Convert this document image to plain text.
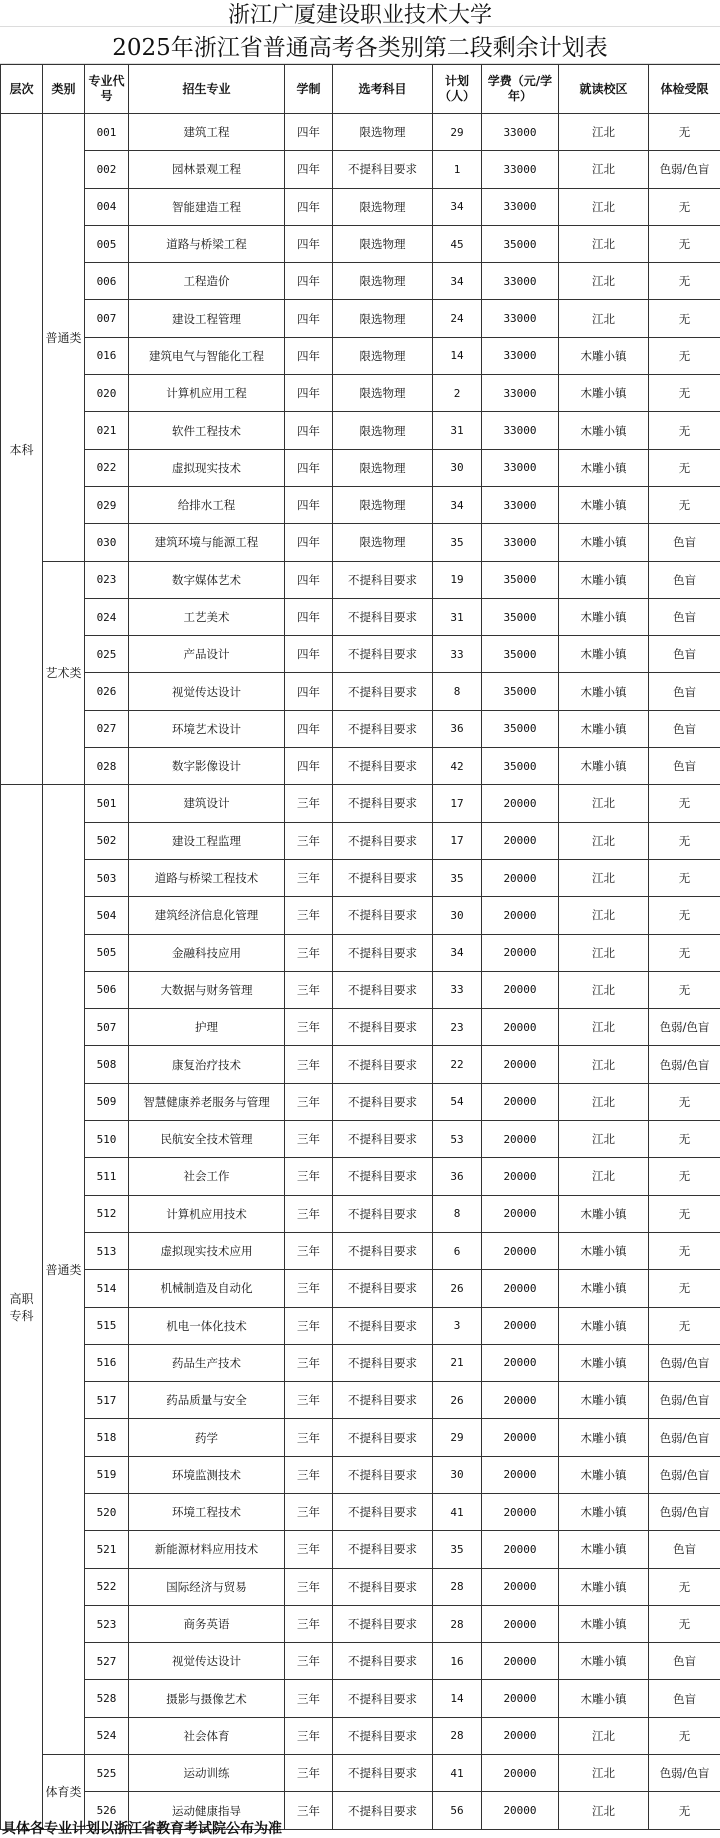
浙江广厦建设职业技术大学
2025年浙江省普通高考各类别第二段剩余计划表
层次	类别	专业代号	招生专业	学制	选考科目	计划（人）	学费（元/学年）	就读校区	体检受限
本科	普通类	001	建筑工程	四年	限选物理	29	33000	江北	无
		002	园林景观工程	四年	不提科目要求	1	33000	江北	色弱/色盲
		004	智能建造工程	四年	限选物理	34	33000	江北	无
		005	道路与桥梁工程	四年	限选物理	45	35000	江北	无
		006	工程造价	四年	限选物理	34	33000	江北	无
		007	建设工程管理	四年	限选物理	24	33000	江北	无
		016	建筑电气与智能化工程	四年	限选物理	14	33000	木雕小镇	无
		020	计算机应用工程	四年	限选物理	2	33000	木雕小镇	无
		021	软件工程技术	四年	限选物理	31	33000	木雕小镇	无
		022	虚拟现实技术	四年	限选物理	30	33000	木雕小镇	无
		029	给排水工程	四年	限选物理	34	33000	木雕小镇	无
		030	建筑环境与能源工程	四年	限选物理	35	33000	木雕小镇	色盲
	艺术类	023	数字媒体艺术	四年	不提科目要求	19	35000	木雕小镇	色盲
		024	工艺美术	四年	不提科目要求	31	35000	木雕小镇	色盲
		025	产品设计	四年	不提科目要求	33	35000	木雕小镇	色盲
		026	视觉传达设计	四年	不提科目要求	8	35000	木雕小镇	色盲
		027	环境艺术设计	四年	不提科目要求	36	35000	木雕小镇	色盲
		028	数字影像设计	四年	不提科目要求	42	35000	木雕小镇	色盲
高职
专科	普通类	501	建筑设计	三年	不提科目要求	17	20000	江北	无
		502	建设工程监理	三年	不提科目要求	17	20000	江北	无
		503	道路与桥梁工程技术	三年	不提科目要求	35	20000	江北	无
		504	建筑经济信息化管理	三年	不提科目要求	30	20000	江北	无
		505	金融科技应用	三年	不提科目要求	34	20000	江北	无
		506	大数据与财务管理	三年	不提科目要求	33	20000	江北	无
		507	护理	三年	不提科目要求	23	20000	江北	色弱/色盲
		508	康复治疗技术	三年	不提科目要求	22	20000	江北	色弱/色盲
		509	智慧健康养老服务与管理	三年	不提科目要求	54	20000	江北	无
		510	民航安全技术管理	三年	不提科目要求	53	20000	江北	无
		511	社会工作	三年	不提科目要求	36	20000	江北	无
		512	计算机应用技术	三年	不提科目要求	8	20000	木雕小镇	无
		513	虚拟现实技术应用	三年	不提科目要求	6	20000	木雕小镇	无
		514	机械制造及自动化	三年	不提科目要求	26	20000	木雕小镇	无
		515	机电一体化技术	三年	不提科目要求	3	20000	木雕小镇	无
		516	药品生产技术	三年	不提科目要求	21	20000	木雕小镇	色弱/色盲
		517	药品质量与安全	三年	不提科目要求	26	20000	木雕小镇	色弱/色盲
		518	药学	三年	不提科目要求	29	20000	木雕小镇	色弱/色盲
		519	环境监测技术	三年	不提科目要求	30	20000	木雕小镇	色弱/色盲
		520	环境工程技术	三年	不提科目要求	41	20000	木雕小镇	色弱/色盲
		521	新能源材料应用技术	三年	不提科目要求	35	20000	木雕小镇	色盲
		522	国际经济与贸易	三年	不提科目要求	28	20000	木雕小镇	无
		523	商务英语	三年	不提科目要求	28	20000	木雕小镇	无
		527	视觉传达设计	三年	不提科目要求	16	20000	木雕小镇	色盲
		528	摄影与摄像艺术	三年	不提科目要求	14	20000	木雕小镇	色盲
		524	社会体育	三年	不提科目要求	28	20000	江北	无
	体育类	525	运动训练	三年	不提科目要求	41	20000	江北	色弱/色盲
		526	运动健康指导	三年	不提科目要求	56	20000	江北	无
具体各专业计划以浙江省教育考试院公布为准
